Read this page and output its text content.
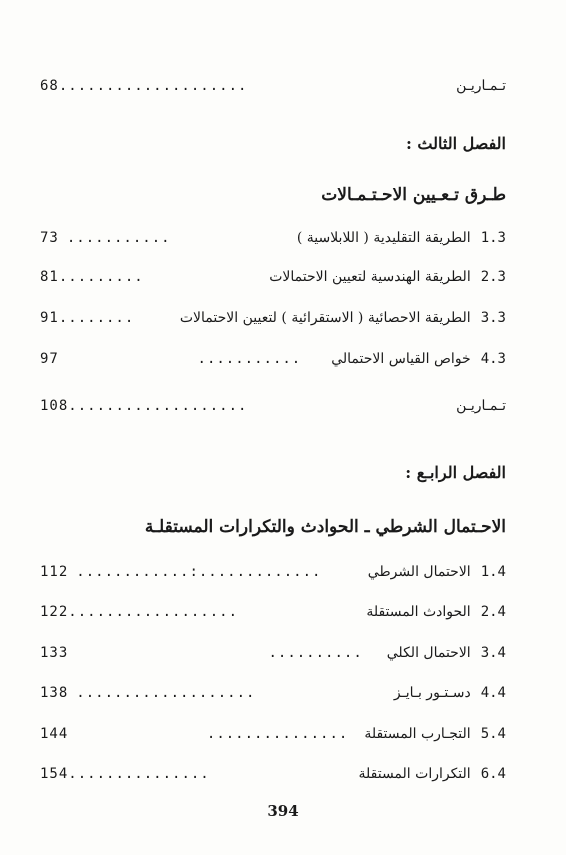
68 ....................	تـمـاريـن
الفصل الثالث :
طـرق تـعـيين الاحـتـمـالات
73 ...........	الطريقة التقليدية ( اللابلاسية ) 1.3
81 .........	الطريقة الهندسية لتعيين الاحتمالات 2.3
91 ........	الطريقة الاحصائية ( الاستقرائية ) لتعيين الاحتمالات 3.3
97	........... خواص القياس الاحتمالي 4.3
108 ...................	تـمـاريـن
الفصل الرابـع :
الاحـتمال الشرطي ـ الحوادث والتكرارات المستقلـة
112 ............:.............	الاحتمال الشرطي 1.4
122 ..................	الحوادث المستقلة 2.4
133	.......... الاحتمال الكلي 3.4
138 ...................	دسـتـور بـايـز 4.4
144	............... التجـارب المستقلة 5.4
154 ...............	التكرارات المستقلة 6.4
394
